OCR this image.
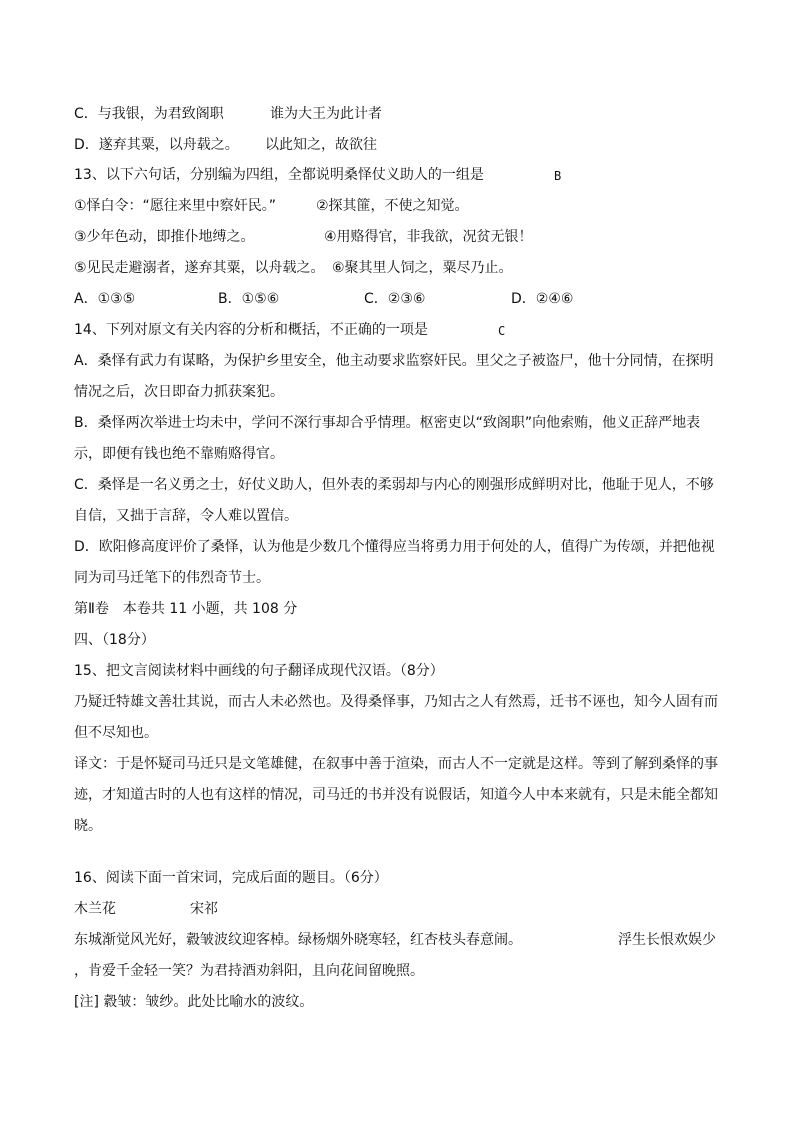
C．与我银，为君致阁职	谁为大王为此计者
D．遂弃其粟，以舟载之。 以此知之，故欲往
13、以下六句话，分别编为四组，全都说明桑怿仗义助人的一组是	B
①怿白令：“愿往来里中察奸民。”	②探其篚，不使之知觉。
③少年色动，即推仆地缚之。	④用赂得官，非我欲，况贫无银！
⑤见民走避溺者，遂弃其粟，以舟载之。 ⑥聚其里人饲之，粟尽乃止。
A．①③⑤	B．①⑤⑥	C．②③⑥	D．②④⑥
14、下列对原文有关内容的分析和概括，不正确的一项是	C
A．桑怿有武力有谋略，为保护乡里安全，他主动要求监察奸民。里父之子被盗尸，他十分同情，在探明
情况之后，次日即奋力抓获案犯。
B．桑怿两次举进士均未中，学问不深行事却合乎情理。枢密吏以“致阁职”向他索贿，他义正辞严地表
示，即便有钱也绝不靠贿赂得官。
C．桑怿是一名义勇之士，好仗义助人，但外表的柔弱却与内心的刚强形成鲜明对比，他耻于见人，不够
自信，又拙于言辞，令人难以置信。
D．欧阳修高度评价了桑怿，认为他是少数几个懂得应当将勇力用于何处的人，值得广为传颂，并把他视
同为司马迁笔下的伟烈奇节士。
第Ⅱ卷　本卷共 11 小题，共 108 分
四、（18分）
15、把文言阅读材料中画线的句子翻译成现代汉语。（8分）
乃疑迁特雄文善壮其说，而古人未必然也。及得桑怿事，乃知古之人有然焉，迁书不诬也，知今人固有而
但不尽知也。
译文：于是怀疑司马迁只是文笔雄健，在叙事中善于渲染，而古人不一定就是这样。等到了解到桑怿的事
迹，才知道古时的人也有这样的情况，司马迁的书并没有说假话，知道今人中本来就有，只是未能全都知
晓。
16、阅读下面一首宋词，完成后面的题目。（6分）
木兰花	宋祁
东城渐觉风光好，縠皱波纹迎客棹。绿杨烟外晓寒轻，红杏枝头春意闹。	浮生长恨欢娱少
，肯爱千金轻一笑？为君持酒劝斜阳，且向花间留晚照。
[注] 縠皱：皱纱。此处比喻水的波纹。
